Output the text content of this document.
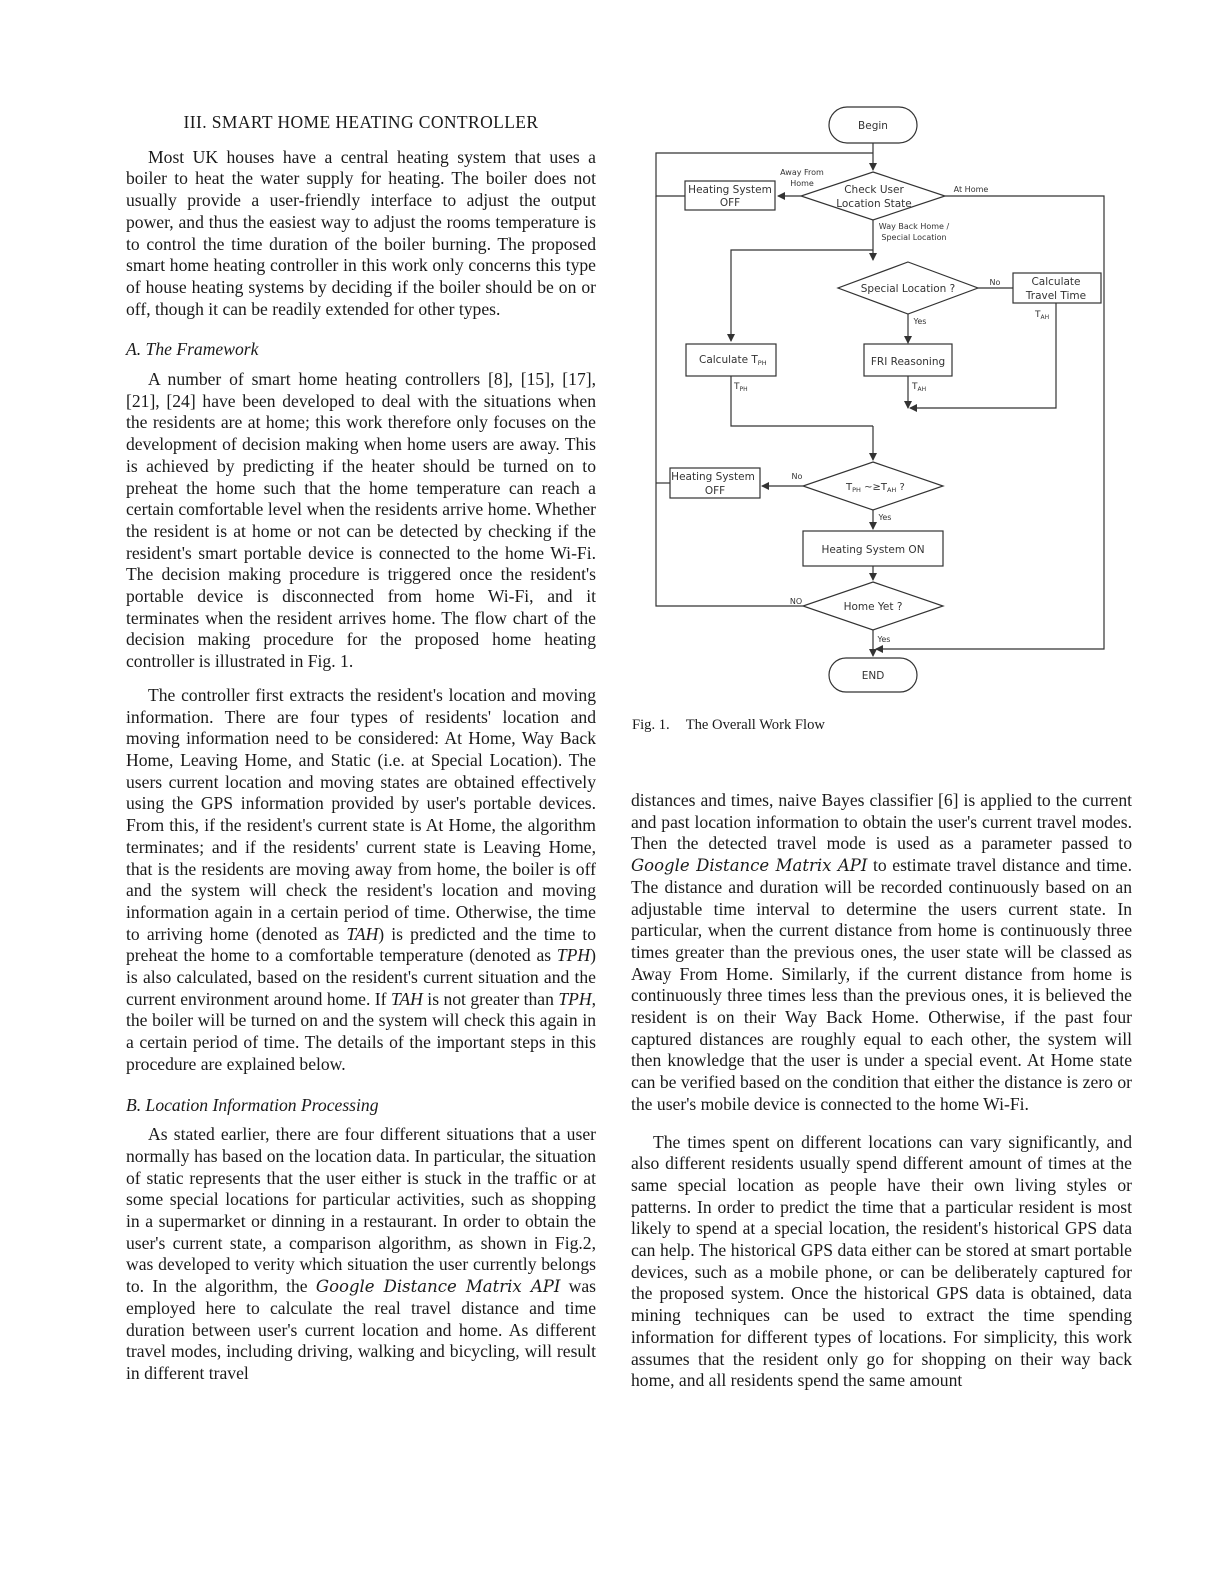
III. SMART HOME HEATING CONTROLLER

Most UK houses have a central heating system that uses a boiler to heat the water supply for heating. The boiler does not usually provide a user-friendly interface to adjust the output power, and thus the easiest way to adjust the rooms temperature is to control the time duration of the boiler burning. The proposed smart home heating controller in this work only concerns this type of house heating systems by deciding if the boiler should be on or off, though it can be readily extended for other types.

A. The Framework

A number of smart home heating controllers [8], [15], [17], [21], [24] have been developed to deal with the situations when the residents are at home; this work therefore only focuses on the development of decision making when home users are away. This is achieved by predicting if the heater should be turned on to preheat the home such that the home temperature can reach a certain comfortable level when the residents arrive home. Whether the resident is at home or not can be detected by checking if the resident's smart portable device is connected to the home Wi-Fi. The decision making procedure is triggered once the resident's portable device is disconnected from home Wi-Fi, and it terminates when the resident arrives home. The flow chart of the decision making procedure for the proposed home heating controller is illustrated in Fig. 1.

The controller first extracts the resident's location and moving information. There are four types of residents' location and moving information need to be considered: At Home, Way Back Home, Leaving Home, and Static (i.e. at Special Location). The users current location and moving states are obtained effectively using the GPS information provided by user's portable devices. From this, if the resident's current state is At Home, the algorithm terminates; and if the residents' current state is Leaving Home, that is the residents are moving away from home, the boiler is off and the system will check the resident's location and moving information again in a certain period of time. Otherwise, the time to arriving home (denoted as TAH) is predicted and the time to preheat the home to a comfortable temperature (denoted as TPH) is also calculated, based on the resident's current situation and the current environment around home. If TAH is not greater than TPH, the boiler will be turned on and the system will check this again in a certain period of time. The details of the important steps in this procedure are explained below.

B. Location Information Processing

As stated earlier, there are four different situations that a user normally has based on the location data. In particular, the situation of static represents that the user either is stuck in the traffic or at some special locations for particular activities, such as shopping in a supermarket or dinning in a restaurant. In order to obtain the user's current state, a comparison algorithm, as shown in Fig.2, was developed to verity which situation the user currently belongs to. In the algorithm, the Google Distance Matrix API was employed here to calculate the real travel distance and time duration between user's current location and home. As different travel modes, including driving, walking and bicycling, will result in different travel

Begin
Check User
Location State
Heating System
OFF
Special Location ?
Calculate
Travel Time
FRI Reasoning
Heating System
OFF
Heating System ON
Home Yet ?
END
Away From
Home
At Home
Way Back Home /
Special Location
No
Yes
No
Yes
NO
Yes
Calculate TPH
$T_{PH}$	$T_{AH}$
$T_{AH}$
$T_{PH}$ $\sim\ge T_{AH}$ ?
Fig. 1. The Overall Work Flow

distances and times, naive Bayes classifier [6] is applied to the current and past location information to obtain the user's current travel modes. Then the detected travel mode is used as a parameter passed to Google Distance Matrix API to estimate travel distance and time. The distance and duration will be recorded continuously based on an adjustable time interval to determine the users current state. In particular, when the current distance from home is continuously three times greater than the previous ones, the user state will be classed as Away From Home. Similarly, if the current distance from home is continuously three times less than the previous ones, it is believed the resident is on their Way Back Home. Otherwise, if the past four captured distances are roughly equal to each other, the system will then knowledge that the user is under a special event. At Home state can be verified based on the condition that either the distance is zero or the user's mobile device is connected to the home Wi-Fi.

The times spent on different locations can vary significantly, and also different residents usually spend different amount of times at the same special location as people have their own living styles or patterns. In order to predict the time that a particular resident is most likely to spend at a special location, the resident's historical GPS data can help. The historical GPS data either can be stored at smart portable devices, such as a mobile phone, or can be deliberately captured for the proposed system. Once the historical GPS data is obtained, data mining techniques can be used to extract the time spending information for different types of locations. For simplicity, this work assumes that the resident only go for shopping on their way back home, and all residents spend the same amount
